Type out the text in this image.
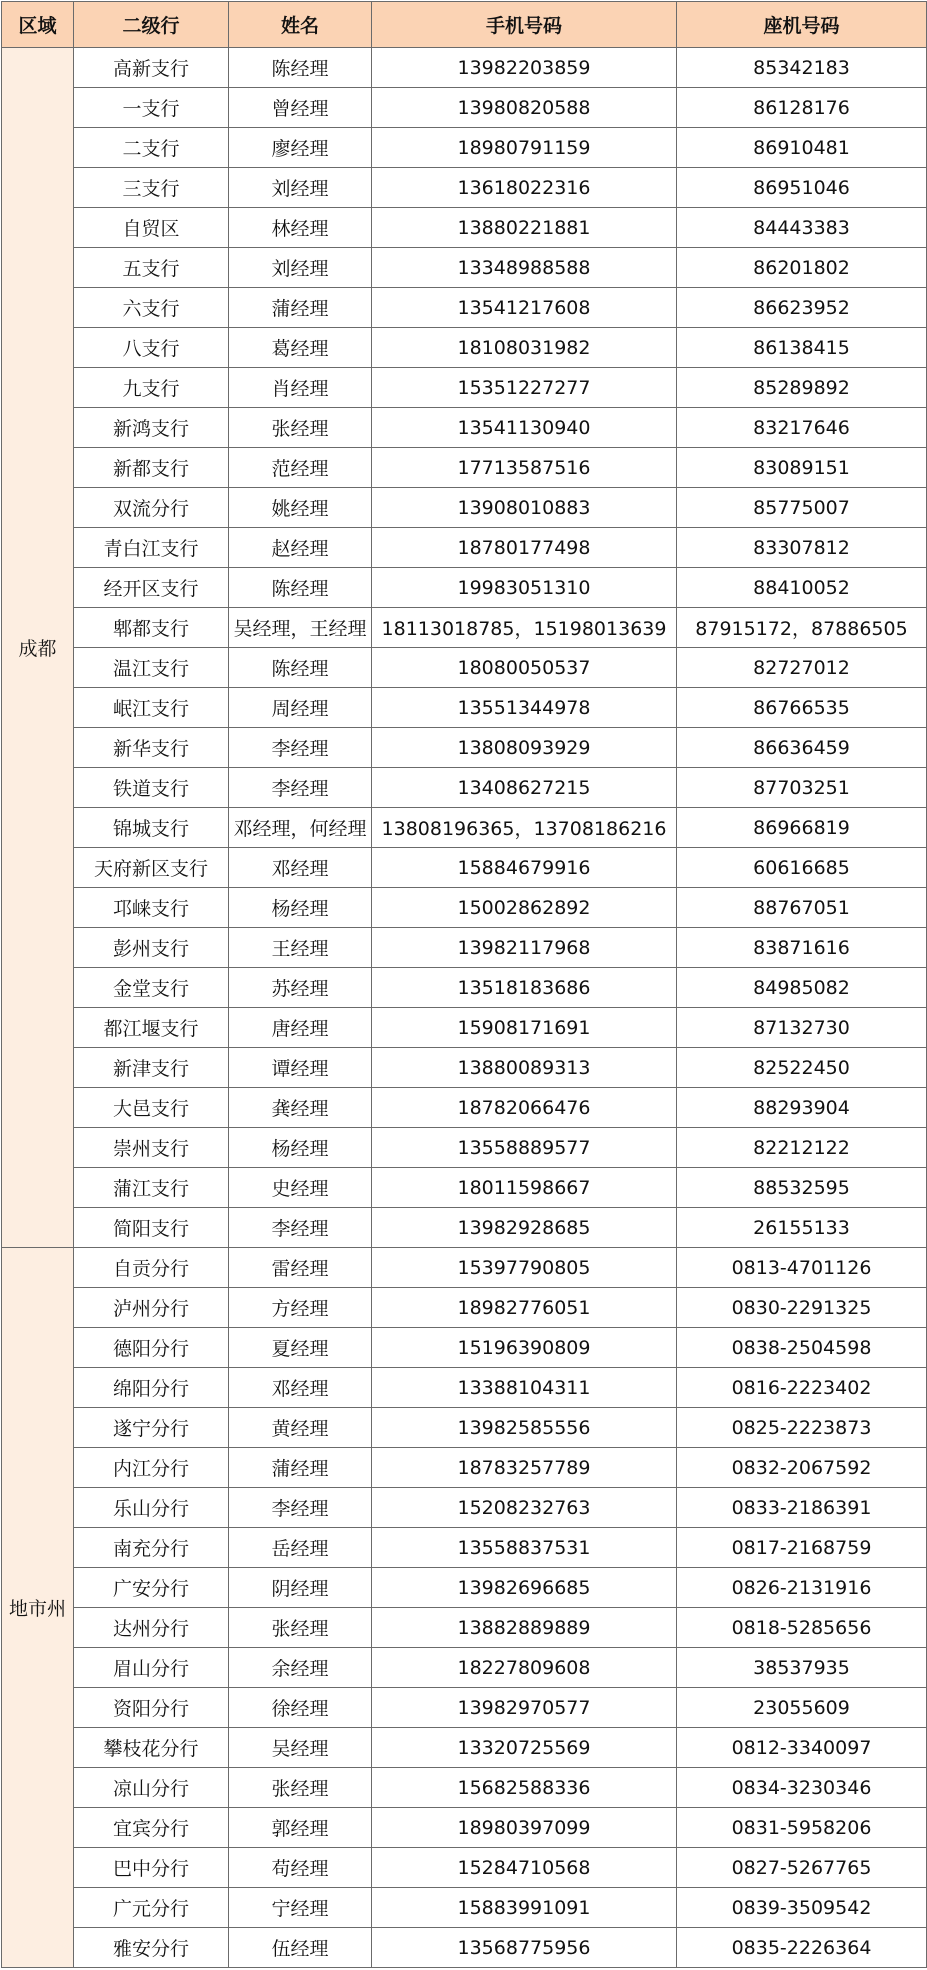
区域	二级行	姓名	手机号码	座机号码
成都	高新支行	陈经理	13982203859	85342183
	一支行	曾经理	13980820588	86128176
	二支行	廖经理	18980791159	86910481
	三支行	刘经理	13618022316	86951046
	自贸区	林经理	13880221881	84443383
	五支行	刘经理	13348988588	86201802
	六支行	蒲经理	13541217608	86623952
	八支行	葛经理	18108031982	86138415
	九支行	肖经理	15351227277	85289892
	新鸿支行	张经理	13541130940	83217646
	新都支行	范经理	17713587516	83089151
	双流分行	姚经理	13908010883	85775007
	青白江支行	赵经理	18780177498	83307812
	经开区支行	陈经理	19983051310	88410052
	郫都支行	吴经理，王经理	18113018785，15198013639	87915172，87886505
	温江支行	陈经理	18080050537	82727012
	岷江支行	周经理	13551344978	86766535
	新华支行	李经理	13808093929	86636459
	铁道支行	李经理	13408627215	87703251
	锦城支行	邓经理，何经理	13808196365，13708186216	86966819
	天府新区支行	邓经理	15884679916	60616685
	邛崃支行	杨经理	15002862892	88767051
	彭州支行	王经理	13982117968	83871616
	金堂支行	苏经理	13518183686	84985082
	都江堰支行	唐经理	15908171691	87132730
	新津支行	谭经理	13880089313	82522450
	大邑支行	龚经理	18782066476	88293904
	崇州支行	杨经理	13558889577	82212122
	蒲江支行	史经理	18011598667	88532595
	简阳支行	李经理	13982928685	26155133
地市州	自贡分行	雷经理	15397790805	0813-4701126
	泸州分行	方经理	18982776051	0830-2291325
	德阳分行	夏经理	15196390809	0838-2504598
	绵阳分行	邓经理	13388104311	0816-2223402
	遂宁分行	黄经理	13982585556	0825-2223873
	内江分行	蒲经理	18783257789	0832-2067592
	乐山分行	李经理	15208232763	0833-2186391
	南充分行	岳经理	13558837531	0817-2168759
	广安分行	阴经理	13982696685	0826-2131916
	达州分行	张经理	13882889889	0818-5285656
	眉山分行	余经理	18227809608	38537935
	资阳分行	徐经理	13982970577	23055609
	攀枝花分行	吴经理	13320725569	0812-3340097
	凉山分行	张经理	15682588336	0834-3230346
	宜宾分行	郭经理	18980397099	0831-5958206
	巴中分行	苟经理	15284710568	0827-5267765
	广元分行	宁经理	15883991091	0839-3509542
	雅安分行	伍经理	13568775956	0835-2226364
